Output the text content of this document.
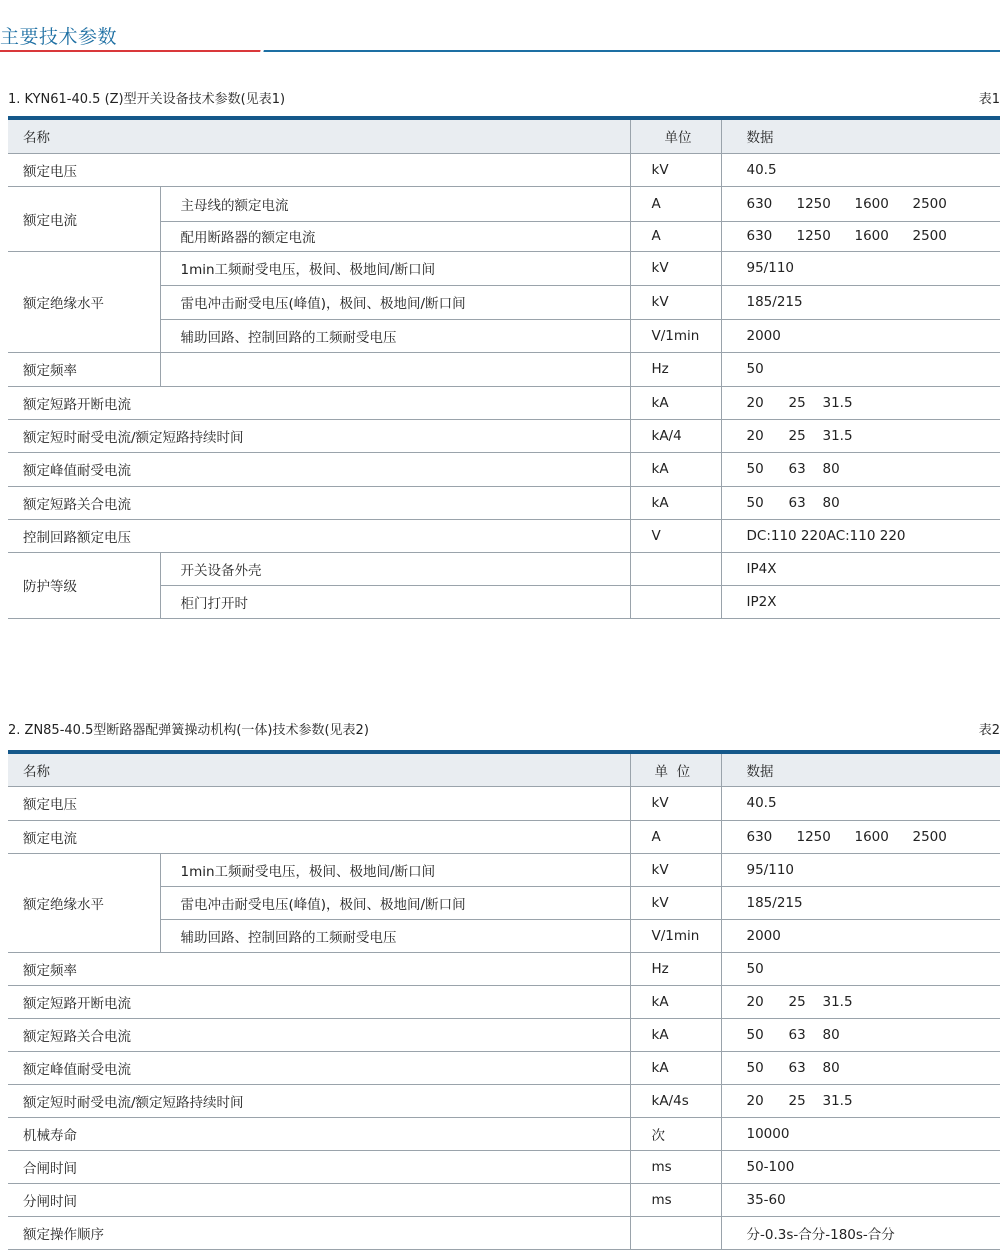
主要技术参数
1. KYN61-40.5 (Z)型开关设备技术参数(见表1)	表1
名称		单位	数据
额定电压		kV	40.5
额定电流	主母线的额定电流	A	630 1250 1600 2500
	配用断路器的额定电流	A	630 1250 1600 2500
额定绝缘水平	1min工频耐受电压，极间、极地间/断口间	kV	95/110
	雷电冲击耐受电压(峰值)，极间、极地间/断口间	kV	185/215
	辅助回路、控制回路的工频耐受电压	V/1min	2000
额定频率		Hz	50
额定短路开断电流		kA	20 25 31.5
额定短时耐受电流/额定短路持续时间		kA/4	20 25 31.5
额定峰值耐受电流		kA	50 63 80
额定短路关合电流		kA	50 63 80
控制回路额定电压		V	DC:110 220AC:110 220
防护等级	开关设备外壳		IP4X
	柜门打开时		IP2X
2. ZN85-40.5型断路器配弹簧操动机构(一体)技术参数(见表2)	表2
名称		单  位	数据
额定电压		kV	40.5
额定电流		A	630 1250 1600 2500
额定绝缘水平	1min工频耐受电压，极间、极地间/断口间	kV	95/110
	雷电冲击耐受电压(峰值)，极间、极地间/断口间	kV	185/215
	辅助回路、控制回路的工频耐受电压	V/1min	2000
额定频率		Hz	50
额定短路开断电流		kA	20 25 31.5
额定短路关合电流		kA	50 63 80
额定峰值耐受电流		kA	50 63 80
额定短时耐受电流/额定短路持续时间		kA/4s	20 25 31.5
机械寿命		次	10000
合闸时间		ms	50-100
分闸时间		ms	35-60
额定操作顺序			分-0.3s-合分-180s-合分
